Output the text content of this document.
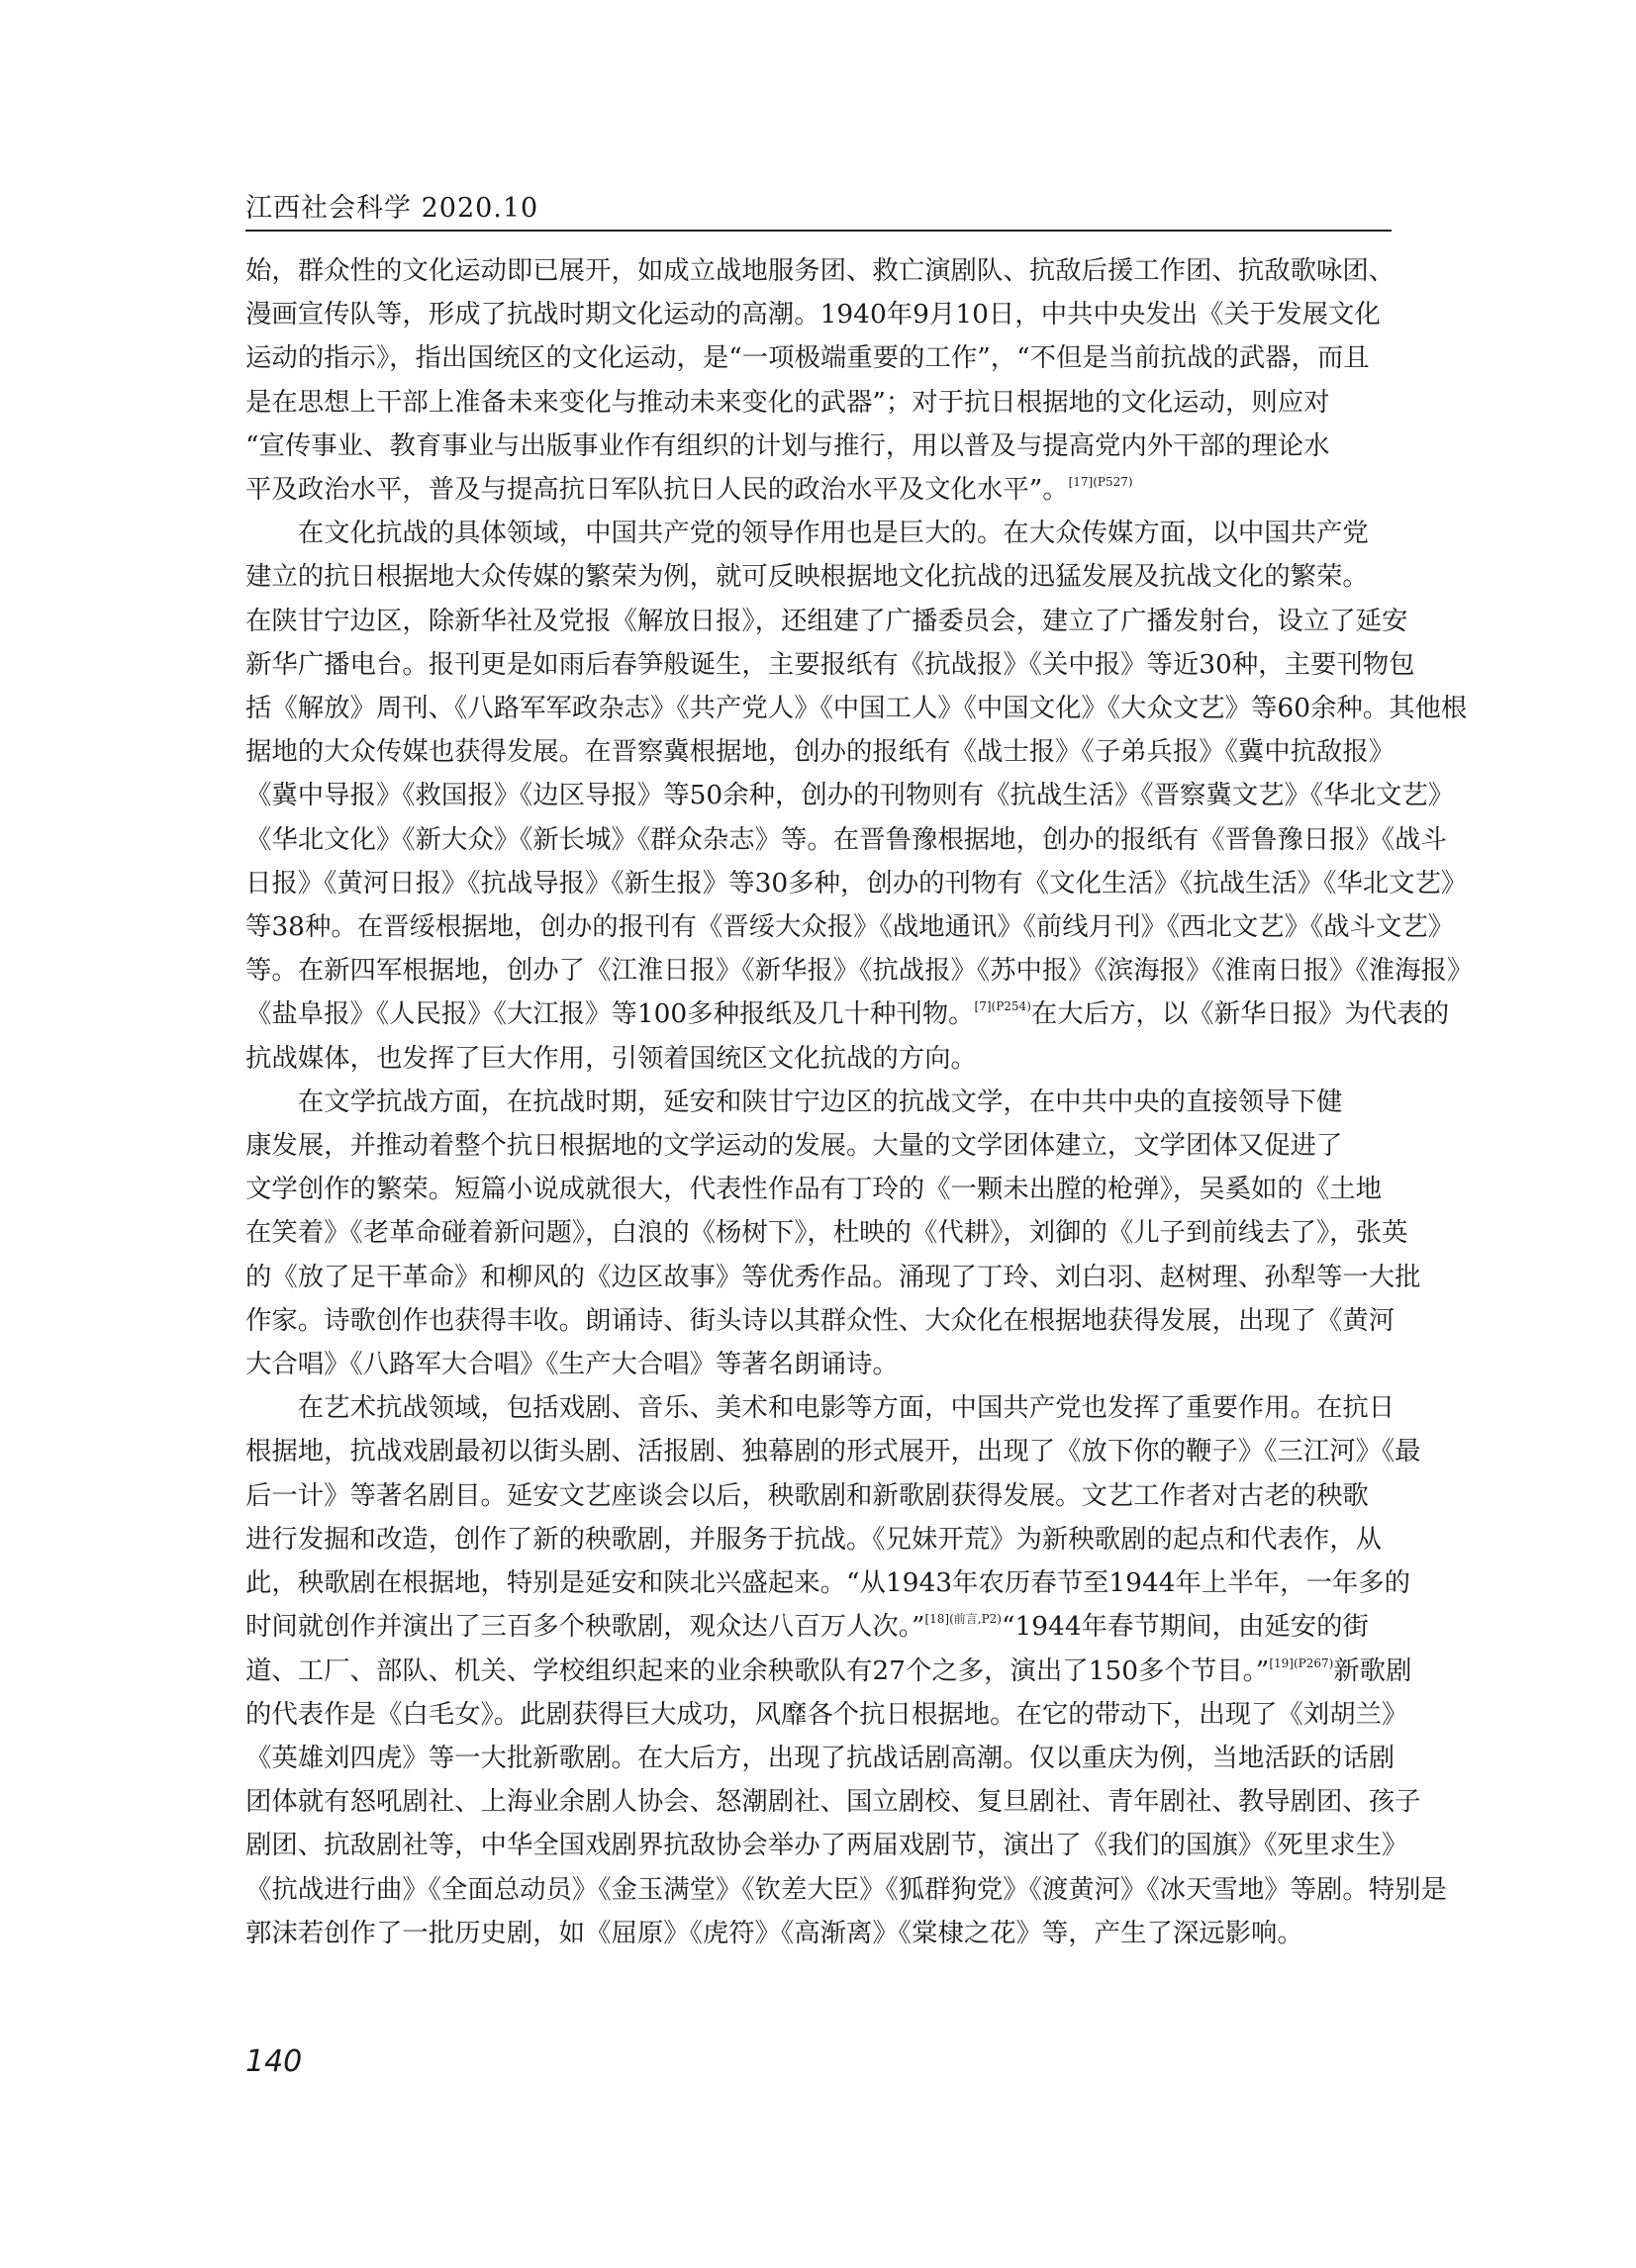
江西社会科学 2020.10

始，群众性的文化运动即已展开，如成立战地服务团、救亡演剧队、抗敌后援工作团、抗敌歌咏团、
漫画宣传队等，形成了抗战时期文化运动的高潮。1940年9月10日，中共中央发出《关于发展文化
运动的指示》，指出国统区的文化运动，是“一项极端重要的工作”，“不但是当前抗战的武器，而且
是在思想上干部上准备未来变化与推动未来变化的武器”；对于抗日根据地的文化运动，则应对
“宣传事业、教育事业与出版事业作有组织的计划与推行，用以普及与提高党内外干部的理论水
平及政治水平，普及与提高抗日军队抗日人民的政治水平及文化水平”。$^{[17](P527)}$

在文化抗战的具体领域，中国共产党的领导作用也是巨大的。在大众传媒方面，以中国共产党
建立的抗日根据地大众传媒的繁荣为例，就可反映根据地文化抗战的迅猛发展及抗战文化的繁荣。
在陕甘宁边区，除新华社及党报《解放日报》，还组建了广播委员会，建立了广播发射台，设立了延安
新华广播电台。报刊更是如雨后春笋般诞生，主要报纸有《抗战报》《关中报》等近30种，主要刊物包
括《解放》周刊、《八路军军政杂志》《共产党人》《中国工人》《中国文化》《大众文艺》等60余种。其他根
据地的大众传媒也获得发展。在晋察冀根据地，创办的报纸有《战士报》《子弟兵报》《冀中抗敌报》
《冀中导报》《救国报》《边区导报》等50余种，创办的刊物则有《抗战生活》《晋察冀文艺》《华北文艺》
《华北文化》《新大众》《新长城》《群众杂志》等。在晋鲁豫根据地，创办的报纸有《晋鲁豫日报》《战斗
日报》《黄河日报》《抗战导报》《新生报》等30多种，创办的刊物有《文化生活》《抗战生活》《华北文艺》
等38种。在晋绥根据地，创办的报刊有《晋绥大众报》《战地通讯》《前线月刊》《西北文艺》《战斗文艺》
等。在新四军根据地，创办了《江淮日报》《新华报》《抗战报》《苏中报》《滨海报》《淮南日报》《淮海报》
《盐阜报》《人民报》《大江报》等100多种报纸及几十种刊物。$^{[7](P254)}$在大后方，以《新华日报》为代表的
抗战媒体，也发挥了巨大作用，引领着国统区文化抗战的方向。

在文学抗战方面，在抗战时期，延安和陕甘宁边区的抗战文学，在中共中央的直接领导下健
康发展，并推动着整个抗日根据地的文学运动的发展。大量的文学团体建立，文学团体又促进了
文学创作的繁荣。短篇小说成就很大，代表性作品有丁玲的《一颗未出膛的枪弹》，吴奚如的《土地
在笑着》《老革命碰着新问题》，白浪的《杨树下》，杜映的《代耕》，刘御的《儿子到前线去了》，张英
的《放了足干革命》和柳风的《边区故事》等优秀作品。涌现了丁玲、刘白羽、赵树理、孙犁等一大批
作家。诗歌创作也获得丰收。朗诵诗、街头诗以其群众性、大众化在根据地获得发展，出现了《黄河
大合唱》《八路军大合唱》《生产大合唱》等著名朗诵诗。

在艺术抗战领域，包括戏剧、音乐、美术和电影等方面，中国共产党也发挥了重要作用。在抗日
根据地，抗战戏剧最初以街头剧、活报剧、独幕剧的形式展开，出现了《放下你的鞭子》《三江河》《最
后一计》等著名剧目。延安文艺座谈会以后，秧歌剧和新歌剧获得发展。文艺工作者对古老的秧歌
进行发掘和改造，创作了新的秧歌剧，并服务于抗战。《兄妹开荒》为新秧歌剧的起点和代表作，从
此，秧歌剧在根据地，特别是延安和陕北兴盛起来。“从1943年农历春节至1944年上半年，一年多的
时间就创作并演出了三百多个秧歌剧，观众达八百万人次。”$^{[18](前言,P2)}$“1944年春节期间，由延安的街
道、工厂、部队、机关、学校组织起来的业余秧歌队有27个之多，演出了150多个节目。”$^{[19](P267)}$新歌剧
的代表作是《白毛女》。此剧获得巨大成功，风靡各个抗日根据地。在它的带动下，出现了《刘胡兰》
《英雄刘四虎》等一大批新歌剧。在大后方，出现了抗战话剧高潮。仅以重庆为例，当地活跃的话剧
团体就有怒吼剧社、上海业余剧人协会、怒潮剧社、国立剧校、复旦剧社、青年剧社、教导剧团、孩子
剧团、抗敌剧社等，中华全国戏剧界抗敌协会举办了两届戏剧节，演出了《我们的国旗》《死里求生》
《抗战进行曲》《全面总动员》《金玉满堂》《钦差大臣》《狐群狗党》《渡黄河》《冰天雪地》等剧。特别是
郭沫若创作了一批历史剧，如《屈原》《虎符》《高渐离》《棠棣之花》等，产生了深远影响。

140
